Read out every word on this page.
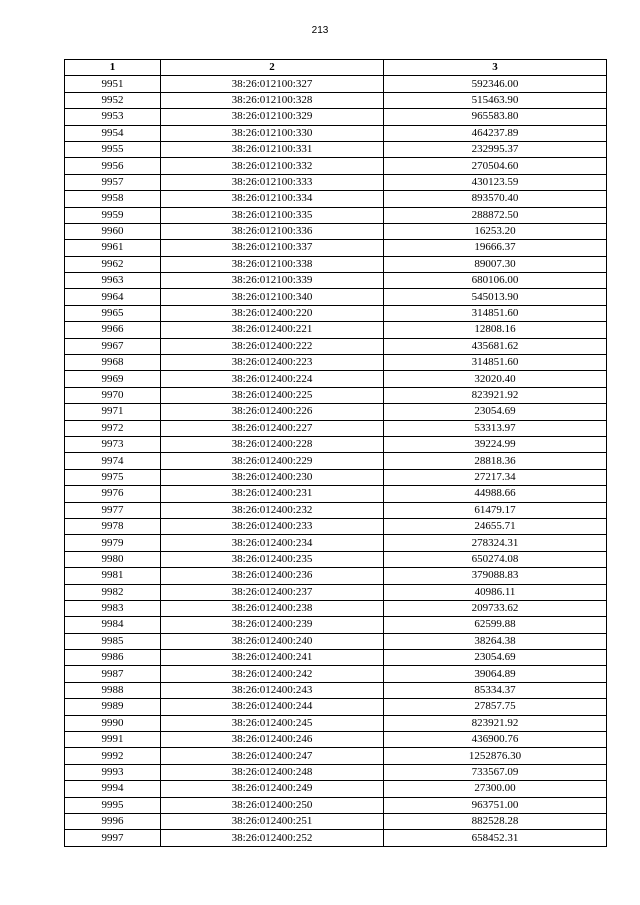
213
1	2	3
9951	38:26:012100:327	592346.00
9952	38:26:012100:328	515463.90
9953	38:26:012100:329	965583.80
9954	38:26:012100:330	464237.89
9955	38:26:012100:331	232995.37
9956	38:26:012100:332	270504.60
9957	38:26:012100:333	430123.59
9958	38:26:012100:334	893570.40
9959	38:26:012100:335	288872.50
9960	38:26:012100:336	16253.20
9961	38:26:012100:337	19666.37
9962	38:26:012100:338	89007.30
9963	38:26:012100:339	680106.00
9964	38:26:012100:340	545013.90
9965	38:26:012400:220	314851.60
9966	38:26:012400:221	12808.16
9967	38:26:012400:222	435681.62
9968	38:26:012400:223	314851.60
9969	38:26:012400:224	32020.40
9970	38:26:012400:225	823921.92
9971	38:26:012400:226	23054.69
9972	38:26:012400:227	53313.97
9973	38:26:012400:228	39224.99
9974	38:26:012400:229	28818.36
9975	38:26:012400:230	27217.34
9976	38:26:012400:231	44988.66
9977	38:26:012400:232	61479.17
9978	38:26:012400:233	24655.71
9979	38:26:012400:234	278324.31
9980	38:26:012400:235	650274.08
9981	38:26:012400:236	379088.83
9982	38:26:012400:237	40986.11
9983	38:26:012400:238	209733.62
9984	38:26:012400:239	62599.88
9985	38:26:012400:240	38264.38
9986	38:26:012400:241	23054.69
9987	38:26:012400:242	39064.89
9988	38:26:012400:243	85334.37
9989	38:26:012400:244	27857.75
9990	38:26:012400:245	823921.92
9991	38:26:012400:246	436900.76
9992	38:26:012400:247	1252876.30
9993	38:26:012400:248	733567.09
9994	38:26:012400:249	27300.00
9995	38:26:012400:250	963751.00
9996	38:26:012400:251	882528.28
9997	38:26:012400:252	658452.31
